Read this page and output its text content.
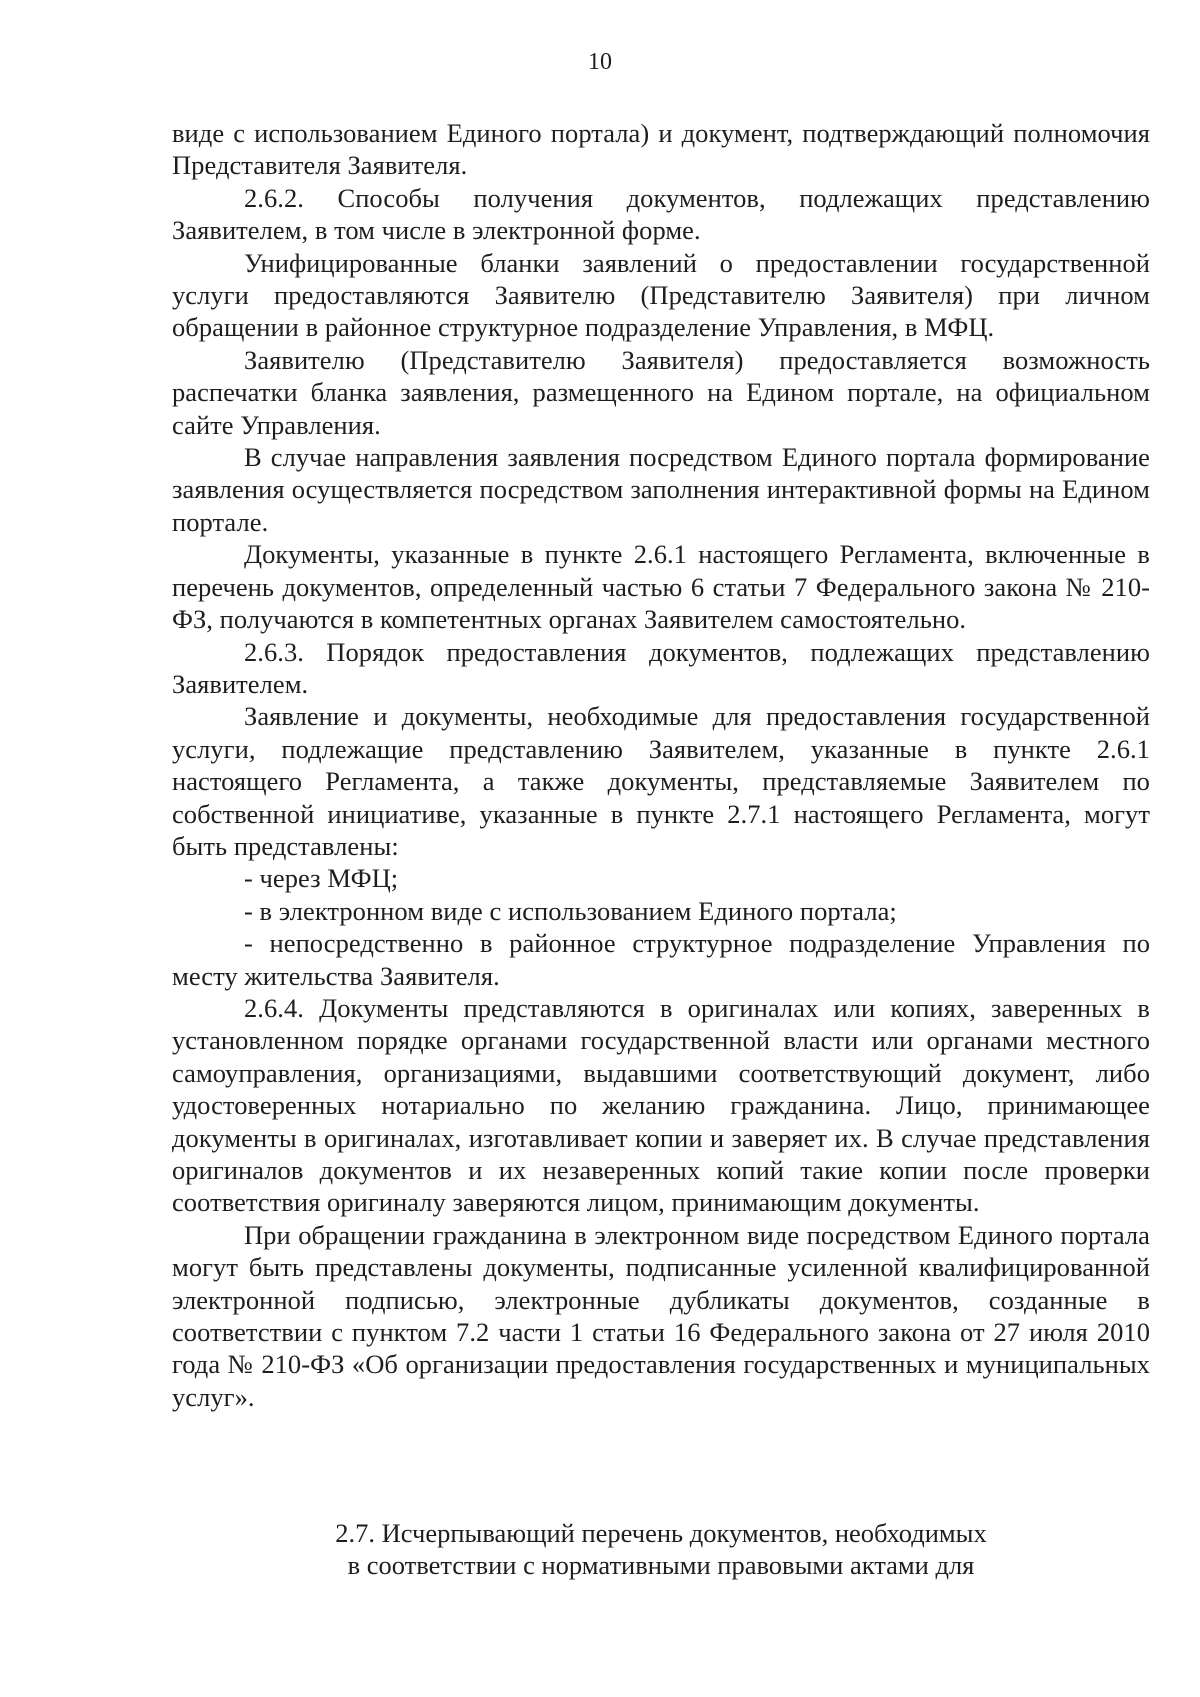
10

виде с использованием Единого портала) и документ, подтверждающий полномочия Представителя Заявителя.

2.6.2. Способы получения документов, подлежащих представлению Заявителем, в том числе в электронной форме.

Унифицированные бланки заявлений о предоставлении государственной услуги предоставляются Заявителю (Представителю Заявителя) при личном обращении в районное структурное подразделение Управления, в МФЦ.

Заявителю (Представителю Заявителя) предоставляется возможность распечатки бланка заявления, размещенного на Едином портале, на официальном сайте Управления.

В случае направления заявления посредством Единого портала формирование заявления осуществляется посредством заполнения интерактивной формы на Едином портале.

Документы, указанные в пункте 2.6.1 настоящего Регламента, включенные в перечень документов, определенный частью 6 статьи 7 Федерального закона № 210-ФЗ, получаются в компетентных органах Заявителем самостоятельно.

2.6.3. Порядок предоставления документов, подлежащих представлению Заявителем.

Заявление и документы, необходимые для предоставления государственной услуги, подлежащие представлению Заявителем, указанные в пункте 2.6.1 настоящего Регламента, а также документы, представляемые Заявителем по собственной инициативе, указанные в пункте 2.7.1 настоящего Регламента, могут быть представлены:

- через МФЦ;

- в электронном виде с использованием Единого портала;

- непосредственно в районное структурное подразделение Управления по месту жительства Заявителя.

2.6.4. Документы представляются в оригиналах или копиях, заверенных в установленном порядке органами государственной власти или органами местного самоуправления, организациями, выдавшими соответствующий документ, либо удостоверенных нотариально по желанию гражданина. Лицо, принимающее документы в оригиналах, изготавливает копии и заверяет их. В случае представления оригиналов документов и их незаверенных копий такие копии после проверки соответствия оригиналу заверяются лицом, принимающим документы.

При обращении гражданина в электронном виде посредством Единого портала могут быть представлены документы, подписанные усиленной квалифицированной электронной подписью, электронные дубликаты документов, созданные в соответствии с пунктом 7.2 части 1 статьи 16 Федерального закона от 27 июля 2010 года № 210-ФЗ «Об организации предоставления государственных и муниципальных услуг».

2.7. Исчерпывающий перечень документов, необходимых
в соответствии с нормативными правовыми актами для
